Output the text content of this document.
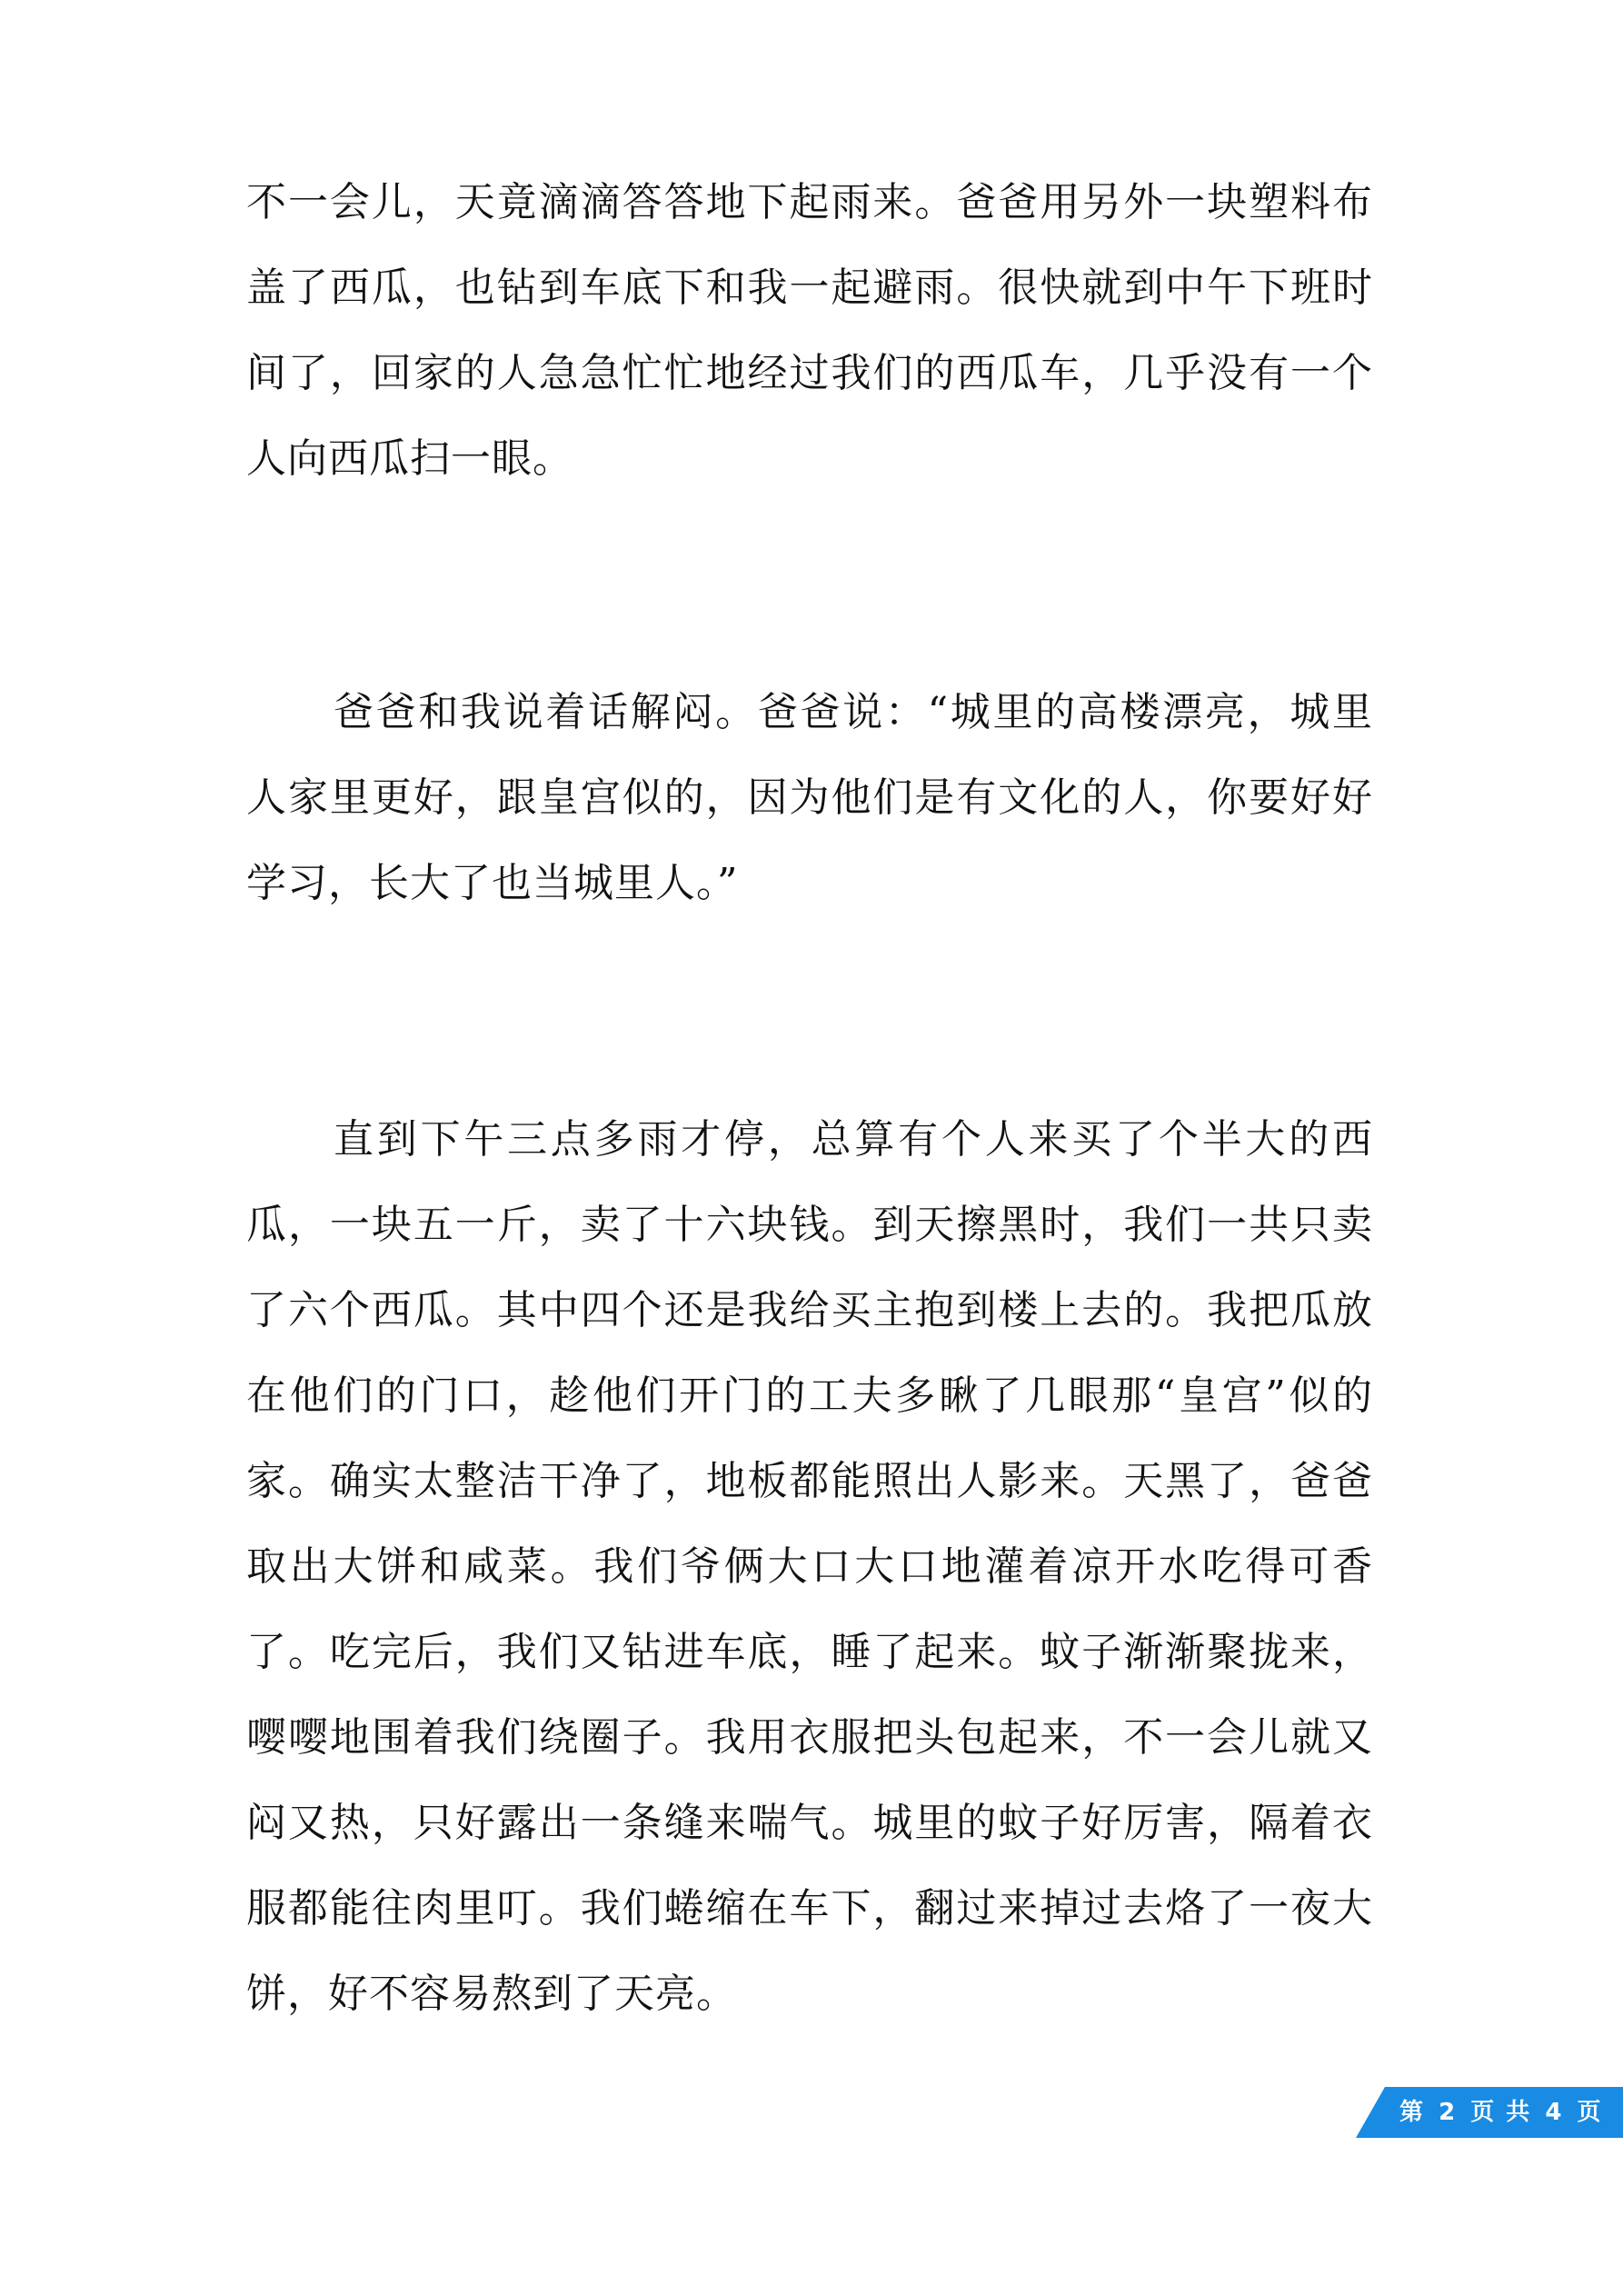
不一会儿，天竟滴滴答答地下起雨来。爸爸用另外一块塑料布盖了西瓜，也钻到车底下和我一起避雨。很快就到中午下班时间了，回家的人急急忙忙地经过我们的西瓜车，几乎没有一个人向西瓜扫一眼。

爸爸和我说着话解闷。爸爸说：“城里的高楼漂亮，城里人家里更好，跟皇宫似的，因为他们是有文化的人，你要好好学习，长大了也当城里人。”

直到下午三点多雨才停，总算有个人来买了个半大的西瓜，一块五一斤，卖了十六块钱。到天擦黑时，我们一共只卖了六个西瓜。其中四个还是我给买主抱到楼上去的。我把瓜放在他们的门口，趁他们开门的工夫多瞅了几眼那“皇宫”似的家。确实太整洁干净了，地板都能照出人影来。天黑了，爸爸取出大饼和咸菜。我们爷俩大口大口地灌着凉开水吃得可香了。吃完后，我们又钻进车底，睡了起来。蚊子渐渐聚拢来，嘤嘤地围着我们绕圈子。我用衣服把头包起来，不一会儿就又闷又热，只好露出一条缝来喘气。城里的蚊子好厉害，隔着衣服都能往肉里叮。我们蜷缩在车下，翻过来掉过去烙了一夜大饼，好不容易熬到了天亮。

第 2 页 共 4 页
